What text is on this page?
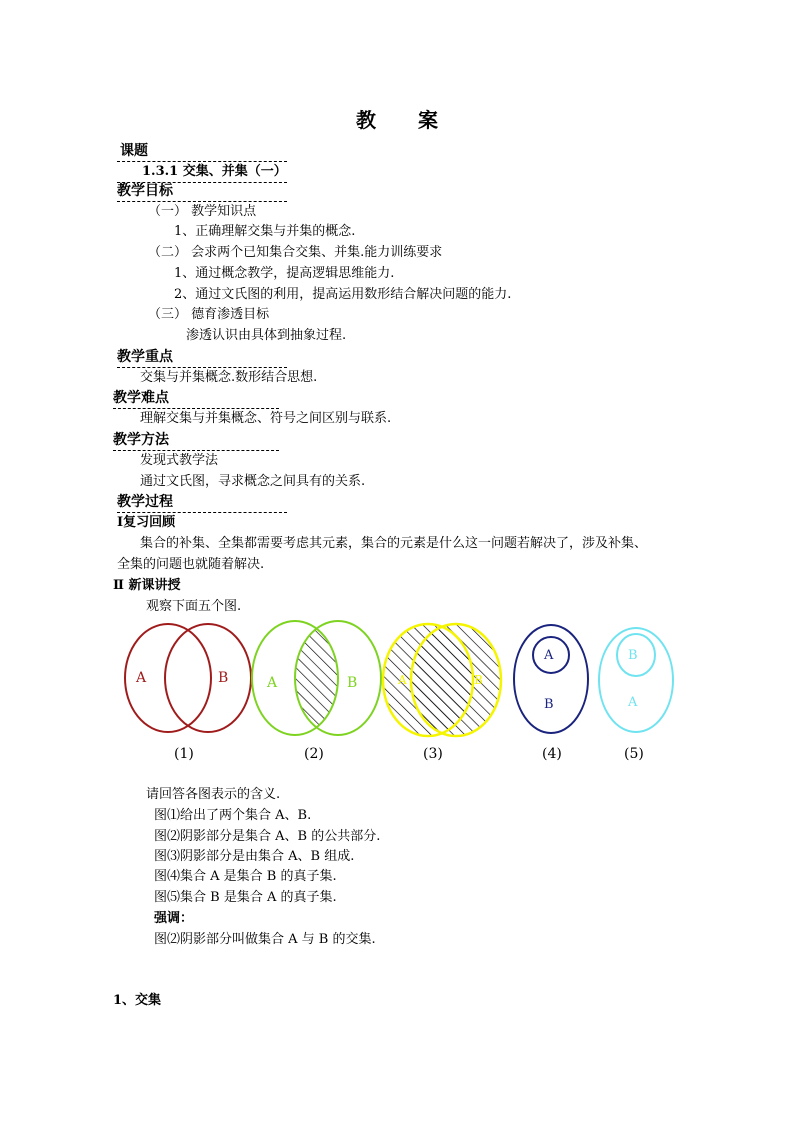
教 案
课题
1.3.1 交集、并集（一）
教学目标
（一） 教学知识点
1、正确理解交集与并集的概念.
（二） 会求两个已知集合交集、并集.能力训练要求
1、通过概念教学，提高逻辑思维能力.
2、通过文氏图的利用，提高运用数形结合解决问题的能力.
（三） 德育渗透目标
渗透认识由具体到抽象过程.
教学重点
交集与并集概念.数形结合思想.
教学难点
理解交集与并集概念、符号之间区别与联系.
教学方法
发现式教学法
通过文氏图，寻求概念之间具有的关系.
教学过程
Ⅰ复习回顾
集合的补集、全集都需要考虑其元素，集合的元素是什么这一问题若解决了，涉及补集、
全集的问题也就随着解决.
Ⅱ 新课讲授
观察下面五个图.
A	B	A	B	A	B
A
B
B
A
(1)	(2)	(3)	(4)	(5)
请回答各图表示的含义.
图⑴给出了两个集合 A、B.
图⑵阴影部分是集合 A、B 的公共部分.
图⑶阴影部分是由集合 A、B 组成.
图⑷集合 A 是集合 B 的真子集.
图⑸集合 B 是集合 A 的真子集.
强调：
图⑵阴影部分叫做集合 A 与 B 的交集.
1、交集
